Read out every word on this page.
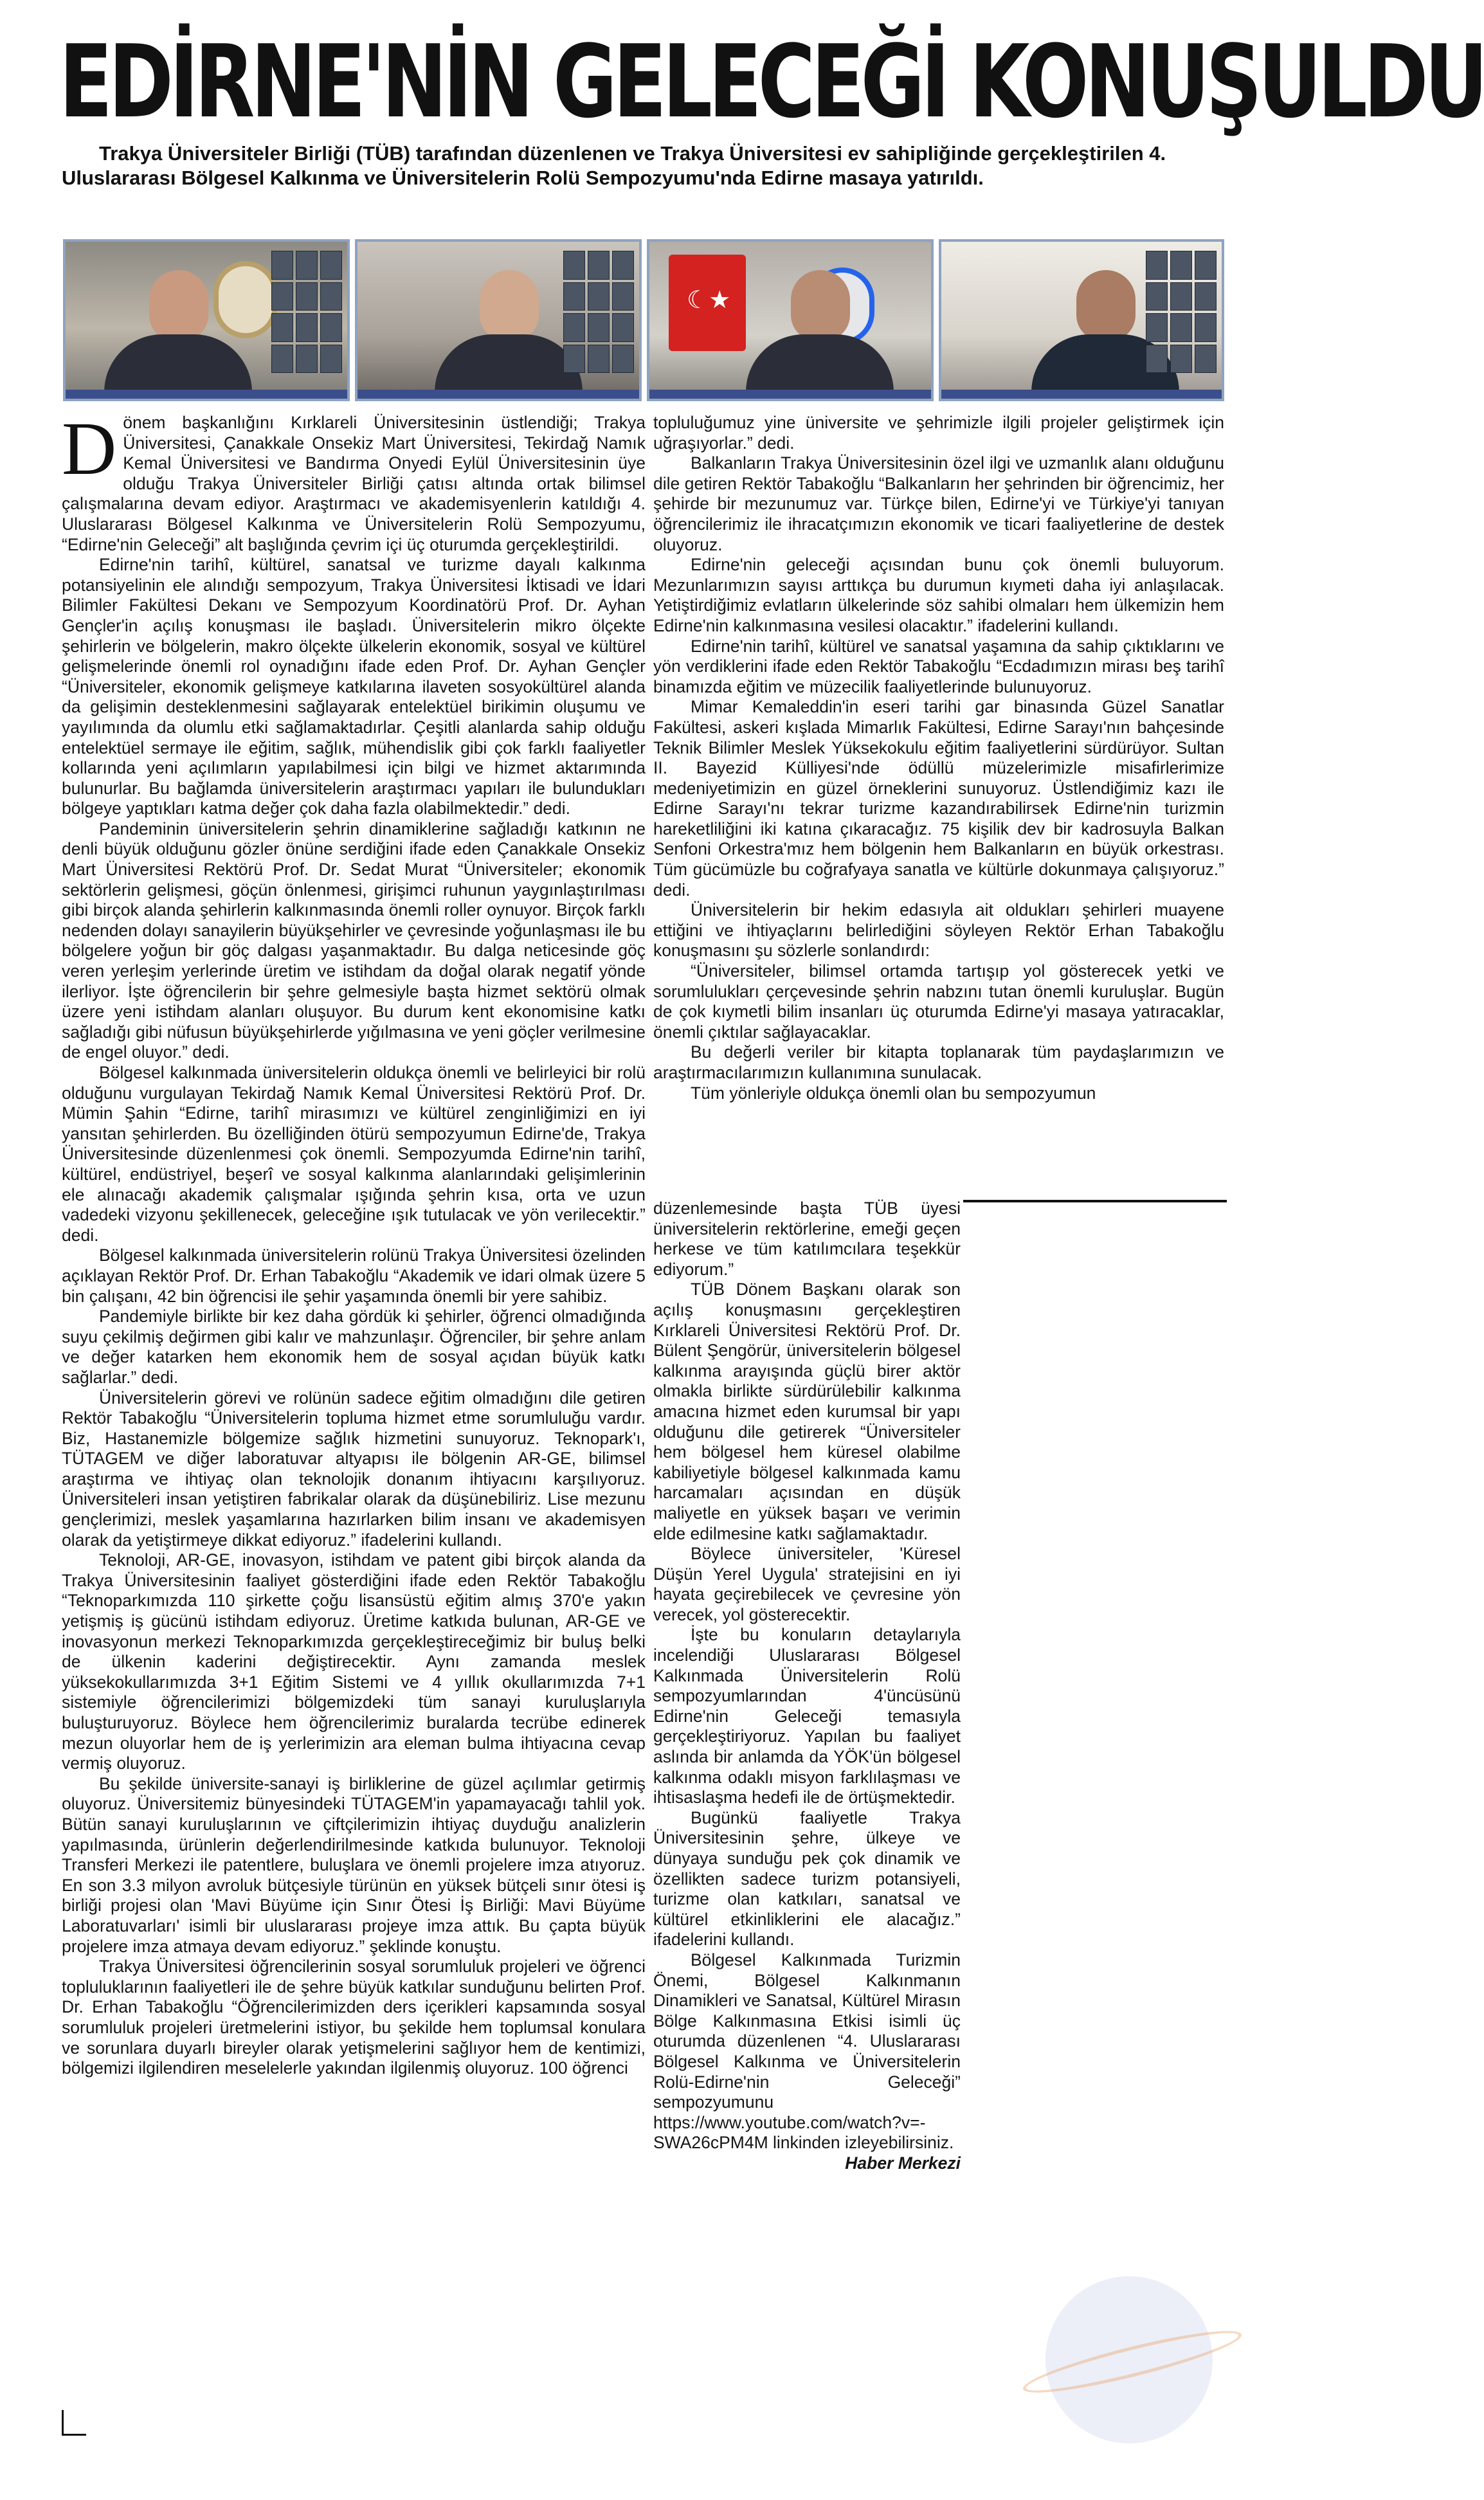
EDİRNE'NİN GELECEĞİ KONUŞULDU
Trakya Üniversiteler Birliği (TÜB) tarafından düzenlenen ve Trakya Üniversitesi ev sahipliğinde gerçekleştirilen 4. Uluslararası Bölgesel Kalkınma ve Üniversitelerin Rolü Sempozyumu'nda Edirne masaya yatırıldı.
☾★
D önem başkanlığını Kırklareli Üniversitesinin üstlendiği; Trakya Üniversitesi, Çanakkale Onsekiz Mart Üniversitesi, Tekirdağ Namık Kemal Üniversitesi ve Bandırma Onyedi Eylül Üniversitesinin üye olduğu Trakya Üniversiteler Birliği çatısı altında ortak bilimsel çalışmalarına devam ediyor. Araştırmacı ve akademisyenlerin katıldığı 4. Uluslararası Bölgesel Kalkınma ve Üniversitelerin Rolü Sempozyumu, “Edirne'nin Geleceği” alt başlığında çevrim içi üç oturumda gerçekleştirildi.

Edirne'nin tarihî, kültürel, sanatsal ve turizme dayalı kalkınma potansiyelinin ele alındığı sempozyum, Trakya Üniversitesi İktisadi ve İdari Bilimler Fakültesi Dekanı ve Sempozyum Koordinatörü Prof. Dr. Ayhan Gençler'in açılış konuşması ile başladı. Üniversitelerin mikro ölçekte şehirlerin ve bölgelerin, makro ölçekte ülkelerin ekonomik, sosyal ve kültürel gelişmelerinde önemli rol oynadığını ifade eden Prof. Dr. Ayhan Gençler “Üniversiteler, ekonomik gelişmeye katkılarına ilaveten sosyokültürel alanda da gelişimin desteklenmesini sağlayarak entelektüel birikimin oluşumu ve yayılımında da olumlu etki sağlamaktadırlar. Çeşitli alanlarda sahip olduğu entelektüel sermaye ile eğitim, sağlık, mühendislik gibi çok farklı faaliyetler kollarında yeni açılımların yapılabilmesi için bilgi ve hizmet aktarımında bulunurlar. Bu bağlamda üniversitelerin araştırmacı yapıları ile bulundukları bölgeye yaptıkları katma değer çok daha fazla olabilmektedir.” dedi.

Pandeminin üniversitelerin şehrin dinamiklerine sağladığı katkının ne denli büyük olduğunu gözler önüne serdiğini ifade eden Çanakkale Onsekiz Mart Üniversitesi Rektörü Prof. Dr. Sedat Murat “Üniversiteler; ekonomik sektörlerin gelişmesi, göçün önlenmesi, girişimci ruhunun yaygınlaştırılması gibi birçok alanda şehirlerin kalkınmasında önemli roller oynuyor. Birçok farklı nedenden dolayı sanayilerin büyükşehirler ve çevresinde yoğunlaşması ile bu bölgelere yoğun bir göç dalgası yaşanmaktadır. Bu dalga neticesinde göç veren yerleşim yerlerinde üretim ve istihdam da doğal olarak negatif yönde ilerliyor. İşte öğrencilerin bir şehre gelmesiyle başta hizmet sektörü olmak üzere yeni istihdam alanları oluşuyor. Bu durum kent ekonomisine katkı sağladığı gibi nüfusun büyükşehirlerde yığılmasına ve yeni göçler verilmesine de engel oluyor.” dedi.

Bölgesel kalkınmada üniversitelerin oldukça önemli ve belirleyici bir rolü olduğunu vurgulayan Tekirdağ Namık Kemal Üniversitesi Rektörü Prof. Dr. Mümin Şahin “Edirne, tarihî mirasımızı ve kültürel zenginliğimizi en iyi yansıtan şehirlerden. Bu özelliğinden ötürü sempozyumun Edirne'de, Trakya Üniversitesinde düzenlenmesi çok önemli. Sempozyumda Edirne'nin tarihî, kültürel, endüstriyel, beşerî ve sosyal kalkınma alanlarındaki gelişimlerinin ele alınacağı akademik çalışmalar ışığında şehrin kısa, orta ve uzun vadedeki vizyonu şekillenecek, geleceğine ışık tutulacak ve yön verilecektir.” dedi.

Bölgesel kalkınmada üniversitelerin rolünü Trakya Üniversitesi özelinden açıklayan Rektör Prof. Dr. Erhan Tabakoğlu “Akademik ve idari olmak üzere 5 bin çalışanı, 42 bin öğrencisi ile şehir yaşamında önemli bir yere sahibiz.

Pandemiyle birlikte bir kez daha gördük ki şehirler, öğrenci olmadığında suyu çekilmiş değirmen gibi kalır ve mahzunlaşır. Öğrenciler, bir şehre anlam ve değer katarken hem ekonomik hem de sosyal açıdan büyük katkı sağlarlar.” dedi.

Üniversitelerin görevi ve rolünün sadece eğitim olmadığını dile getiren Rektör Tabakoğlu “Üniversitelerin topluma hizmet etme sorumluluğu vardır. Biz, Hastanemizle bölgemize sağlık hizmetini sunuyoruz. Teknopark'ı, TÜTAGEM ve diğer laboratuvar altyapısı ile bölgenin AR-GE, bilimsel araştırma ve ihtiyaç olan teknolojik donanım ihtiyacını karşılıyoruz. Üniversiteleri insan yetiştiren fabrikalar olarak da düşünebiliriz. Lise mezunu gençlerimizi, meslek yaşamlarına hazırlarken bilim insanı ve akademisyen olarak da yetiştirmeye dikkat ediyoruz.” ifadelerini kullandı.

Teknoloji, AR-GE, inovasyon, istihdam ve patent gibi birçok alanda da Trakya Üniversitesinin faaliyet gösterdiğini ifade eden Rektör Tabakoğlu “Teknoparkımızda 110 şirkette çoğu lisansüstü eğitim almış 370'e yakın yetişmiş iş gücünü istihdam ediyoruz. Üretime katkıda bulunan, AR-GE ve inovasyonun merkezi Teknoparkımızda gerçekleştireceğimiz bir buluş belki de ülkenin kaderini değiştirecektir. Aynı zamanda meslek yüksekokullarımızda 3+1 Eğitim Sistemi ve 4 yıllık okullarımızda 7+1 sistemiyle öğrencilerimizi bölgemizdeki tüm sanayi kuruluşlarıyla buluşturuyoruz. Böylece hem öğrencilerimiz buralarda tecrübe edinerek mezun oluyorlar hem de iş yerlerimizin ara eleman bulma ihtiyacına cevap vermiş oluyoruz.

Bu şekilde üniversite-sanayi iş birliklerine de güzel açılımlar getirmiş oluyoruz. Üniversitemiz bünyesindeki TÜTAGEM'in yapamayacağı tahlil yok. Bütün sanayi kuruluşlarının ve çiftçilerimizin ihtiyaç duyduğu analizlerin yapılmasında, ürünlerin değerlendirilmesinde katkıda bulunuyor. Teknoloji Transferi Merkezi ile patentlere, buluşlara ve önemli projelere imza atıyoruz. En son 3.3 milyon avroluk bütçesiyle türünün en yüksek bütçeli sınır ötesi iş birliği projesi olan 'Mavi Büyüme için Sınır Ötesi İş Birliği: Mavi Büyüme Laboratuvarları' isimli bir uluslararası projeye imza attık. Bu çapta büyük projelere imza atmaya devam ediyoruz.” şeklinde konuştu.

Trakya Üniversitesi öğrencilerinin sosyal sorumluluk projeleri ve öğrenci topluluklarının faaliyetleri ile de şehre büyük katkılar sunduğunu belirten Prof. Dr. Erhan Tabakoğlu “Öğrencilerimizden ders içerikleri kapsamında sosyal sorumluluk projeleri üretmelerini istiyor, bu şekilde hem toplumsal konulara ve sorunlara duyarlı bireyler olarak yetişmelerini sağlıyor hem de kentimizi, bölgemizi ilgilendiren meselelerle yakından ilgilenmiş oluyoruz. 100 öğrenci

topluluğumuz yine üniversite ve şehrimizle ilgili projeler geliştirmek için uğraşıyorlar.” dedi.

Balkanların Trakya Üniversitesinin özel ilgi ve uzmanlık alanı olduğunu dile getiren Rektör Tabakoğlu “Balkanların her şehrinden bir öğrencimiz, her şehirde bir mezunumuz var. Türkçe bilen, Edirne'yi ve Türkiye'yi tanıyan öğrencilerimiz ile ihracatçımızın ekonomik ve ticari faaliyetlerine de destek oluyoruz.

Edirne'nin geleceği açısından bunu çok önemli buluyorum. Mezunlarımızın sayısı arttıkça bu durumun kıymeti daha iyi anlaşılacak. Yetiştirdiğimiz evlatların ülkelerinde söz sahibi olmaları hem ülkemizin hem Edirne'nin kalkınmasına vesilesi olacaktır.” ifadelerini kullandı.

Edirne'nin tarihî, kültürel ve sanatsal yaşamına da sahip çıktıklarını ve yön verdiklerini ifade eden Rektör Tabakoğlu “Ecdadımızın mirası beş tarihî binamızda eğitim ve müzecilik faaliyetlerinde bulunuyoruz.

Mimar Kemaleddin'in eseri tarihi gar binasında Güzel Sanatlar Fakültesi, askeri kışlada Mimarlık Fakültesi, Edirne Sarayı'nın bahçesinde Teknik Bilimler Meslek Yüksekokulu eğitim faaliyetlerini sürdürüyor. Sultan II. Bayezid Külliyesi'nde ödüllü müzelerimizle misafirlerimize medeniyetimizin en güzel örneklerini sunuyoruz. Üstlendiğimiz kazı ile Edirne Sarayı'nı tekrar turizme kazandırabilirsek Edirne'nin turizmin hareketliliğini iki katına çıkaracağız. 75 kişilik dev bir kadrosuyla Balkan Senfoni Orkestra'mız hem bölgenin hem Balkanların en büyük orkestrası. Tüm gücümüzle bu coğrafyaya sanatla ve kültürle dokunmaya çalışıyoruz.” dedi.

Üniversitelerin bir hekim edasıyla ait oldukları şehirleri muayene ettiğini ve ihtiyaçlarını belirlediğini söyleyen Rektör Erhan Tabakoğlu konuşmasını şu sözlerle sonlandırdı:

“Üniversiteler, bilimsel ortamda tartışıp yol gösterecek yetki ve sorumlulukları çerçevesinde şehrin nabzını tutan önemli kuruluşlar. Bugün de çok kıymetli bilim insanları üç oturumda Edirne'yi masaya yatıracaklar, önemli çıktılar sağlayacaklar.

Bu değerli veriler bir kitapta toplanarak tüm paydaşlarımızın ve araştırmacılarımızın kullanımına sunulacak.

Tüm yönleriyle oldukça önemli olan bu sempozyumun

düzenlemesinde başta TÜB üyesi üniversitelerin rektörlerine, emeği geçen herkese ve tüm katılımcılara teşekkür ediyorum.”

TÜB Dönem Başkanı olarak son açılış konuşmasını gerçekleştiren Kırklareli Üniversitesi Rektörü Prof. Dr. Bülent Şengörür, üniversitelerin bölgesel kalkınma arayışında güçlü birer aktör olmakla birlikte sürdürülebilir kalkınma amacına hizmet eden kurumsal bir yapı olduğunu dile getirerek “Üniversiteler hem bölgesel hem küresel olabilme kabiliyetiyle bölgesel kalkınmada kamu harcamaları açısından en düşük maliyetle en yüksek başarı ve verimin elde edilmesine katkı sağlamaktadır.

Böylece üniversiteler, 'Küresel Düşün Yerel Uygula' stratejisini en iyi hayata geçirebilecek ve çevresine yön verecek, yol gösterecektir.

İşte bu konuların detaylarıyla incelendiği Uluslararası Bölgesel Kalkınmada Üniversitelerin Rolü sempozyumlarından 4'üncüsünü Edirne'nin Geleceği temasıyla gerçekleştiriyoruz. Yapılan bu faaliyet aslında bir anlamda da YÖK'ün bölgesel kalkınma odaklı misyon farklılaşması ve ihtisaslaşma hedefi ile de örtüşmektedir.

Bugünkü faaliyetle Trakya Üniversitesinin şehre, ülkeye ve dünyaya sunduğu pek çok dinamik ve özellikten sadece turizm potansiyeli, turizme olan katkıları, sanatsal ve kültürel etkinliklerini ele alacağız.” ifadelerini kullandı.

Bölgesel Kalkınmada Turizmin Önemi, Bölgesel Kalkınmanın Dinamikleri ve Sanatsal, Kültürel Mirasın Bölge Kalkınmasına Etkisi isimli üç oturumda düzenlenen “4. Uluslararası Bölgesel Kalkınma ve Üniversitelerin Rolü-Edirne'nin Geleceği” sempozyumunu https://www.youtube.com/watch?v=-SWA26cPM4M linkinden izleyebilirsiniz.

Haber Merkezi
